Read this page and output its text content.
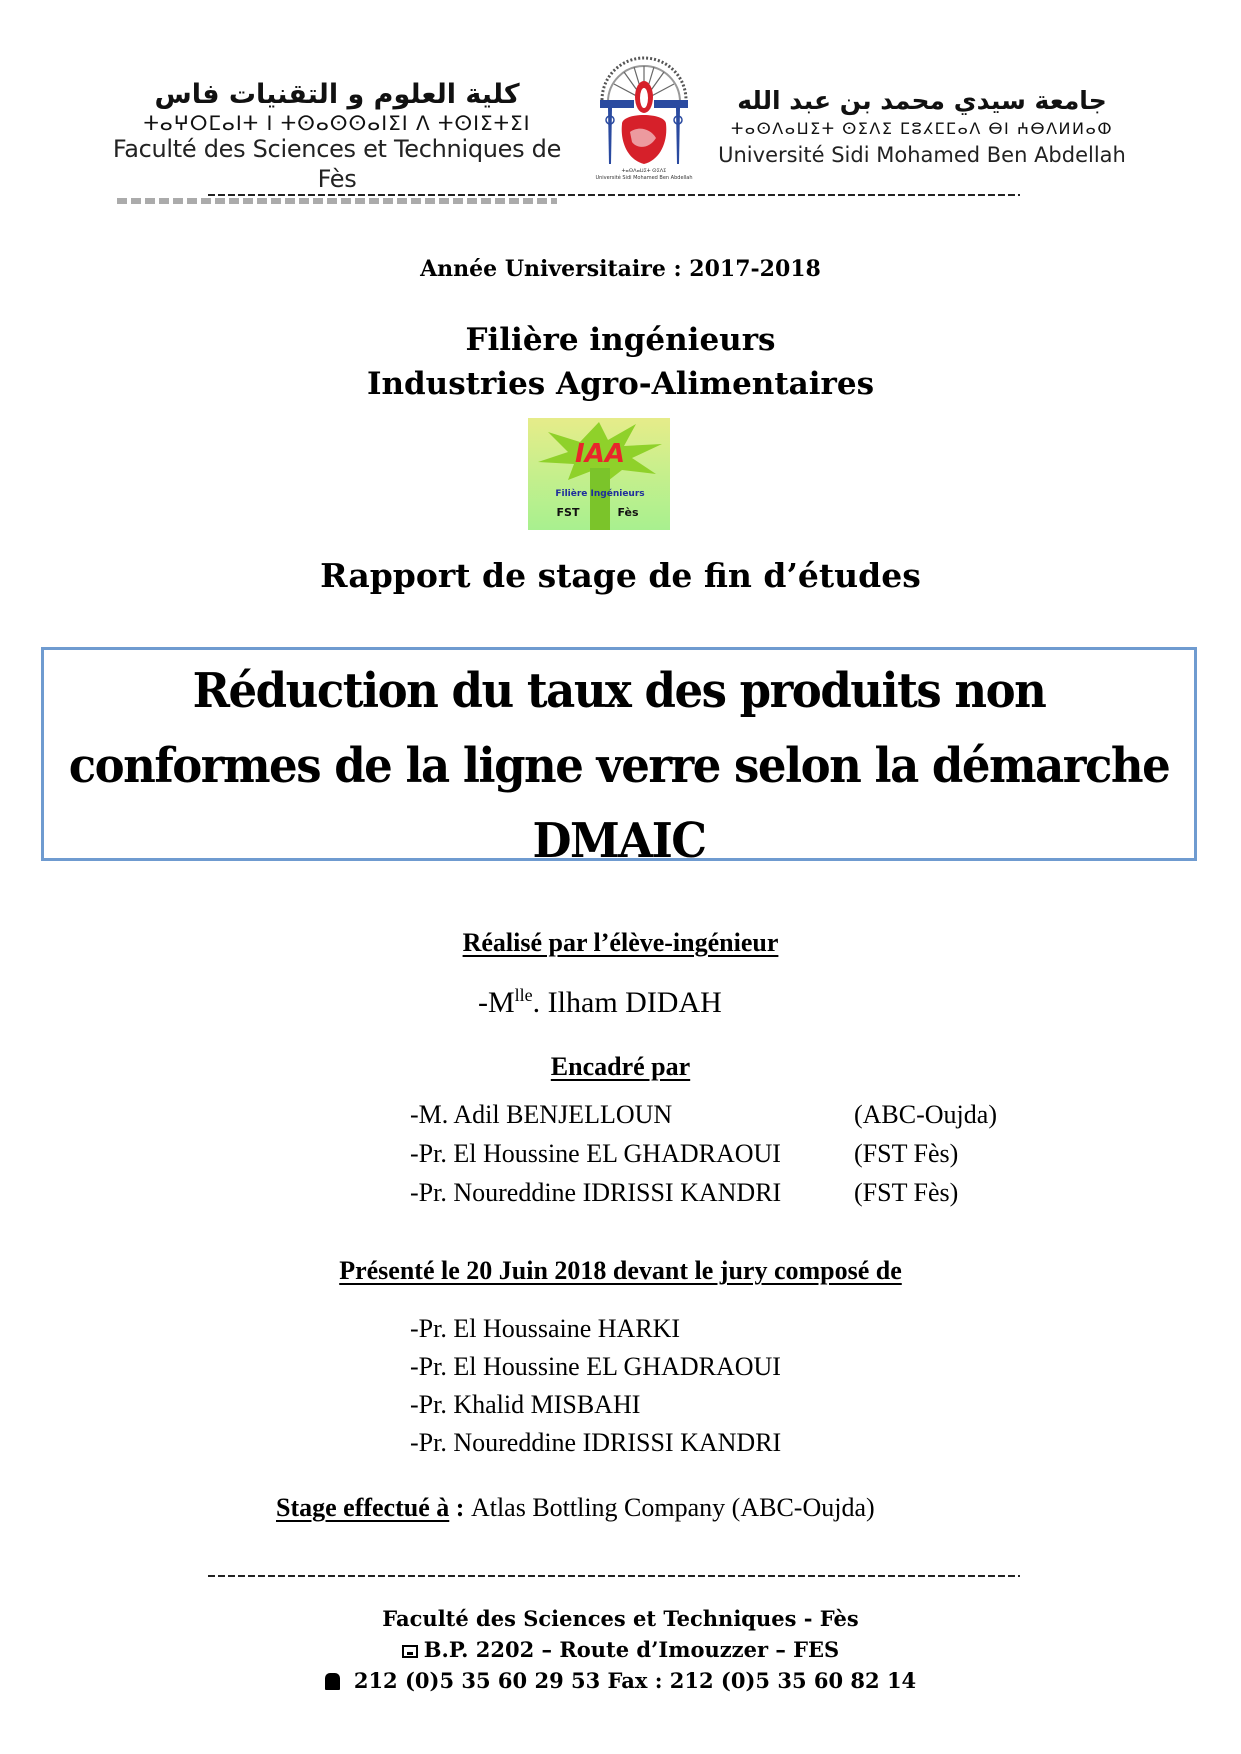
كلية العلوم و التقنيات فاس
ⵜⴰⵖⵔⵎⴰⵏⵜ ⵏ ⵜⵙⴰⵙⵙⴰⵏⵉⵏ ⴷ ⵜⵙⵏⵉⵜⵉⵏ
Faculté des Sciences et Techniques de Fès	ⵜⴰⵙⴷⴰⵡⵉⵜ ⵙⵉⴷⵉ
Université Sidi Mohamed Ben Abdellah
جامعة سيدي محمد بن عبد الله
ⵜⴰⵙⴷⴰⵡⵉⵜ ⵙⵉⴷⵉ ⵎⵓⵃⵎⵎⴰⴷ ⴱⵏ ⵄⴱⴷⵍⵍⴰⵀ
Université Sidi Mohamed Ben Abdellah
Année Universitaire : 2017-2018
Filière ingénieurs
Industries Agro-Alimentaires
IAA
Filière Ingénieurs
FST	Fès
Rapport de stage de fin d’études
Réduction du taux des produits non
conformes de la ligne verre selon la démarche
DMAIC
Réalisé par l’élève-ingénieur
$-M^{lle}$. Ilham DIDAH
Encadré par
-M. Adil BENJELLOUN	(ABC-Oujda)
-Pr. El Houssine EL GHADRAOUI	(FST Fès)
-Pr. Noureddine IDRISSI KANDRI	(FST Fès)
Présenté le 20 Juin 2018 devant le jury composé de
-Pr. El Houssaine HARKI
-Pr. El Houssine EL GHADRAOUI
-Pr. Khalid MISBAHI
-Pr. Noureddine IDRISSI KANDRI
Stage effectué à : Atlas Bottling Company (ABC-Oujda)
Faculté des Sciences et Techniques - Fès
B.P. 2202 – Route d’Imouzzer – FES
212 (0)5 35 60 29 53 Fax : 212 (0)5 35 60 82 14
